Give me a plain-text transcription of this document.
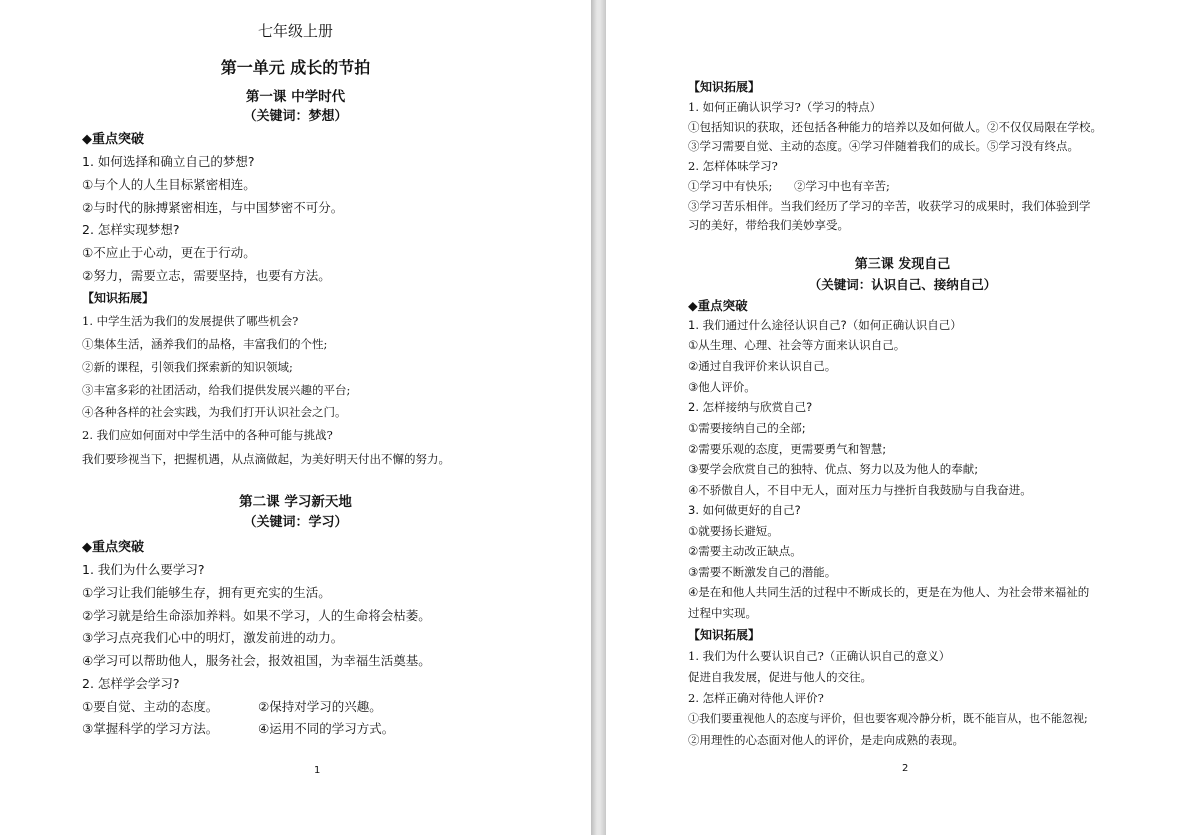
七年级上册
第一单元 成长的节拍
第一课 中学时代
（关键词：梦想）
◆重点突破
1. 如何选择和确立自己的梦想?
①与个人的人生目标紧密相连。
②与时代的脉搏紧密相连，与中国梦密不可分。
2. 怎样实现梦想?
①不应止于心动，更在于行动。
②努力，需要立志，需要坚持，也要有方法。
【知识拓展】
1. 中学生活为我们的发展提供了哪些机会?
①集体生活，涵养我们的品格，丰富我们的个性;
②新的课程，引领我们探索新的知识领域;
③丰富多彩的社团活动，给我们提供发展兴趣的平台;
④各种各样的社会实践，为我们打开认识社会之门。
2. 我们应如何面对中学生活中的各种可能与挑战?
我们要珍视当下，把握机遇，从点滴做起，为美好明天付出不懈的努力。
第二课 学习新天地
（关键词：学习）
◆重点突破
1. 我们为什么要学习?
①学习让我们能够生存，拥有更充实的生活。
②学习就是给生命添加养料。如果不学习，人的生命将会枯萎。
③学习点亮我们心中的明灯，激发前进的动力。
④学习可以帮助他人，服务社会，报效祖国，为幸福生活奠基。
2. 怎样学会学习?
①要自觉、主动的态度。	②保持对学习的兴趣。
③掌握科学的学习方法。	④运用不同的学习方式。
1
【知识拓展】
1. 如何正确认识学习?（学习的特点）
①包括知识的获取，还包括各种能力的培养以及如何做人。②不仅仅局限在学校。
③学习需要自觉、主动的态度。④学习伴随着我们的成长。⑤学习没有终点。
2. 怎样体味学习?
①学习中有快乐; ②学习中也有辛苦;
③学习苦乐相伴。当我们经历了学习的辛苦，收获学习的成果时，我们体验到学
习的美好，带给我们美妙享受。
第三课 发现自己
（关键词：认识自己、接纳自己）
◆重点突破
1. 我们通过什么途径认识自己?（如何正确认识自己）
①从生理、心理、社会等方面来认识自己。
②通过自我评价来认识自己。
③他人评价。
2. 怎样接纳与欣赏自己?
①需要接纳自己的全部;
②需要乐观的态度，更需要勇气和智慧;
③要学会欣赏自己的独特、优点、努力以及为他人的奉献;
④不骄傲自人，不目中无人，面对压力与挫折自我鼓励与自我奋进。
3. 如何做更好的自己?
①就要扬长避短。
②需要主动改正缺点。
③需要不断激发自己的潜能。
④是在和他人共同生活的过程中不断成长的，更是在为他人、为社会带来福祉的
过程中实现。
【知识拓展】
1. 我们为什么要认识自己?（正确认识自己的意义）
促进自我发展，促进与他人的交往。
2. 怎样正确对待他人评价?
①我们要重视他人的态度与评价，但也要客观冷静分析，既不能盲从，也不能忽视;
②用理性的心态面对他人的评价，是走向成熟的表现。
2
